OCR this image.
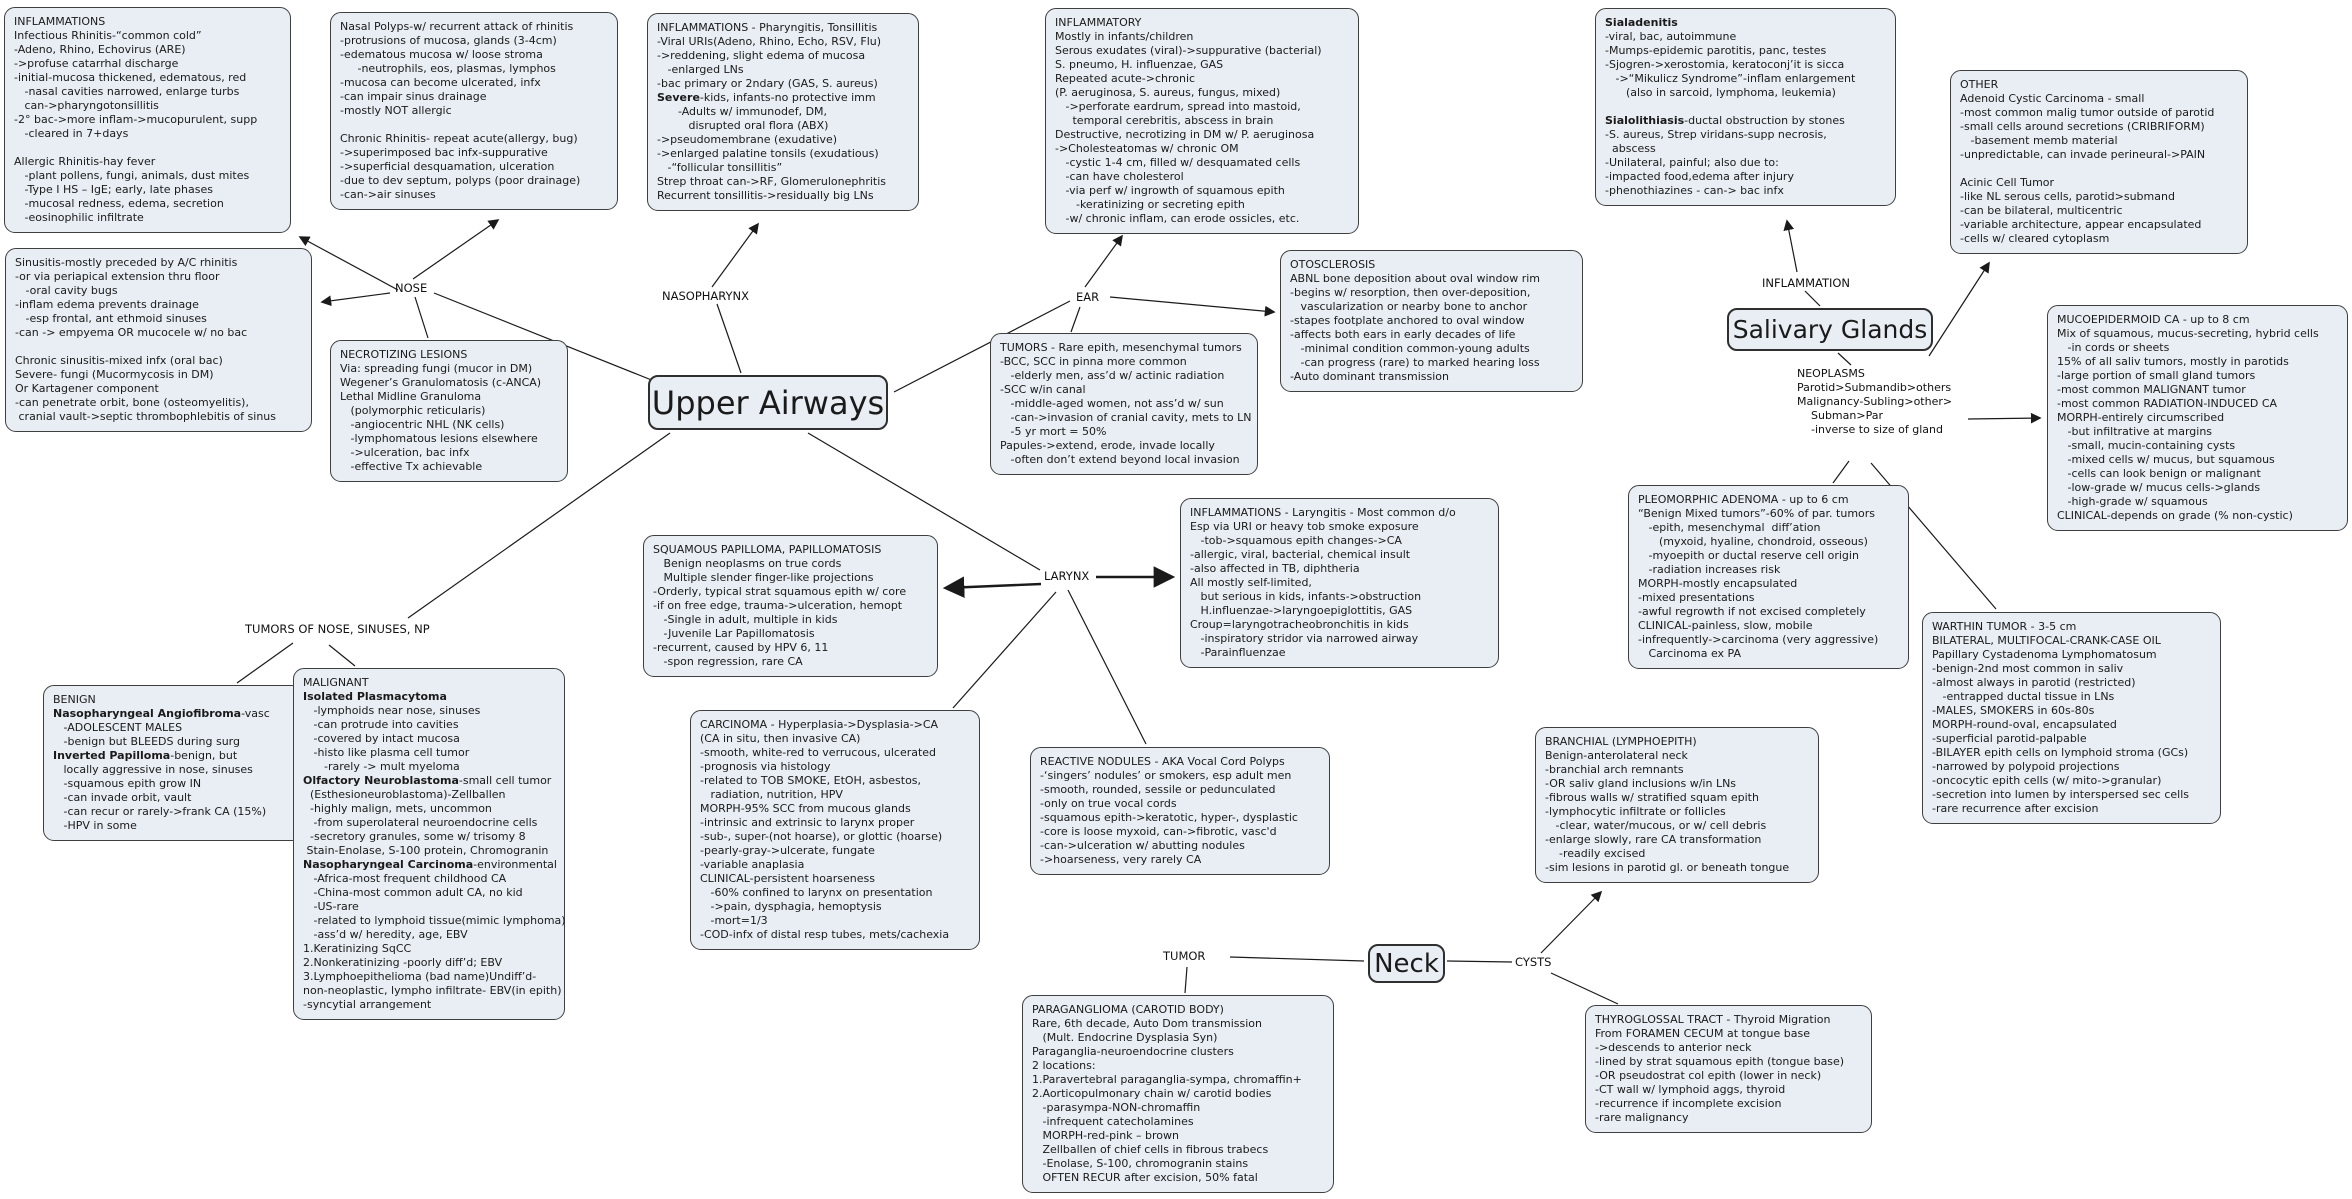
INFLAMMATIONS
Infectious Rhinitis-“common cold”
-Adeno, Rhino, Echovirus (ARE)
->profuse catarrhal discharge
-initial-mucosa thickened, edematous, red
-nasal cavities narrowed, enlarge turbs
can->pharyngotonsillitis
-2° bac->more inflam->mucopurulent, supp
-cleared in 7+days

Allergic Rhinitis-hay fever
-plant pollens, fungi, animals, dust mites
-Type I HS – IgE; early, late phases
-mucosal redness, edema, secretion
-eosinophilic infiltrate
Sinusitis-mostly preceded by A/C rhinitis
-or via periapical extension thru floor
-oral cavity bugs
-inflam edema prevents drainage
-esp frontal, ant ethmoid sinuses
-can -> empyema OR mucocele w/ no bac

Chronic sinusitis-mixed infx (oral bac)
Severe- fungi (Mucormycosis in DM)
Or Kartagener component
-can penetrate orbit, bone (osteomyelitis),
cranial vault->septic thrombophlebitis of sinus
Nasal Polyps-w/ recurrent attack of rhinitis
-protrusions of mucosa, glands (3-4cm)
-edematous mucosa w/ loose stroma
-neutrophils, eos, plasmas, lymphos
-mucosa can become ulcerated, infx
-can impair sinus drainage
-mostly NOT allergic

Chronic Rhinitis- repeat acute(allergy, bug)
->superimposed bac infx-suppurative
->superficial desquamation, ulceration
-due to dev septum, polyps (poor drainage)
-can->air sinuses
NECROTIZING LESIONS
Via: spreading fungi (mucor in DM)
Wegener’s Granulomatosis (c-ANCA)
Lethal Midline Granuloma
(polymorphic reticularis)
-angiocentric NHL (NK cells)
-lymphomatous lesions elsewhere
->ulceration, bac infx
-effective Tx achievable
INFLAMMATIONS - Pharyngitis, Tonsillitis
-Viral URIs(Adeno, Rhino, Echo, RSV, Flu)
->reddening, slight edema of mucosa
-enlarged LNs
-bac primary or 2ndary (GAS, S. aureus)
Severe-kids, infants-no protective imm
-Adults w/ immunodef, DM,
disrupted oral flora (ABX)
->pseudomembrane (exudative)
->enlarged palatine tonsils (exudatious)
-“follicular tonsillitis”
Strep throat can->RF, Glomerulonephritis
Recurrent tonsillitis->residually big LNs
INFLAMMATORY
Mostly in infants/children
Serous exudates (viral)->suppurative (bacterial)
S. pneumo, H. influenzae, GAS
Repeated acute->chronic
(P. aeruginosa, S. aureus, fungus, mixed)
->perforate eardrum, spread into mastoid,
temporal cerebritis, abscess in brain
Destructive, necrotizing in DM w/ P. aeruginosa
->Cholesteatomas w/ chronic OM
-cystic 1-4 cm, filled w/ desquamated cells
-can have cholesterol
-via perf w/ ingrowth of squamous epith
-keratinizing or secreting epith
-w/ chronic inflam, can erode ossicles, etc.
OTOSCLEROSIS
ABNL bone deposition about oval window rim
-begins w/ resorption, then over-deposition,
vascularization or nearby bone to anchor
-stapes footplate anchored to oval window
-affects both ears in early decades of life
-minimal condition common-young adults
-can progress (rare) to marked hearing loss
-Auto dominant transmission
TUMORS - Rare epith, mesenchymal tumors
-BCC, SCC in pinna more common
-elderly men, ass’d w/ actinic radiation
-SCC w/in canal
-middle-aged women, not ass’d w/ sun
-can->invasion of cranial cavity, mets to LN
-5 yr mort = 50%
Papules->extend, erode, invade locally
-often don’t extend beyond local invasion
Sialadenitis
-viral, bac, autoimmune
-Mumps-epidemic parotitis, panc, testes
-Sjogren->xerostomia, keratoconj’it is sicca
->“Mikulicz Syndrome”-inflam enlargement
(also in sarcoid, lymphoma, leukemia)

Sialolithiasis-ductal obstruction by stones
-S. aureus, Strep viridans-supp necrosis,
abscess
-Unilateral, painful; also due to:
-impacted food,edema after injury
-phenothiazines - can-> bac infx
OTHER
Adenoid Cystic Carcinoma - small
-most common malig tumor outside of parotid
-small cells around secretions (CRIBRIFORM)
-basement memb material
-unpredictable, can invade perineural->PAIN

Acinic Cell Tumor
-like NL serous cells, parotid>submand
-can be bilateral, multicentric
-variable architecture, appear encapsulated
-cells w/ cleared cytoplasm
MUCOEPIDERMOID CA - up to 8 cm
Mix of squamous, mucus-secreting, hybrid cells
-in cords or sheets
15% of all saliv tumors, mostly in parotids
-large portion of small gland tumors
-most common MALIGNANT tumor
-most common RADIATION-INDUCED CA
MORPH-entirely circumscribed
-but infiltrative at margins
-small, mucin-containing cysts
-mixed cells w/ mucus, but squamous
-cells can look benign or malignant
-low-grade w/ mucus cells->glands
-high-grade w/ squamous
CLINICAL-depends on grade (% non-cystic)
PLEOMORPHIC ADENOMA - up to 6 cm
“Benign Mixed tumors”-60% of par. tumors
-epith, mesenchymal  diff’ation
(myxoid, hyaline, chondroid, osseous)
-myoepith or ductal reserve cell origin
-radiation increases risk
MORPH-mostly encapsulated
-mixed presentations
-awful regrowth if not excised completely
CLINICAL-painless, slow, mobile
-infrequently->carcinoma (very aggressive)
Carcinoma ex PA
WARTHIN TUMOR - 3-5 cm
BILATERAL, MULTIFOCAL-CRANK-CASE OIL
Papillary Cystadenoma Lymphomatosum
-benign-2nd most common in saliv
-almost always in parotid (restricted)
-entrapped ductal tissue in LNs
-MALES, SMOKERS in 60s-80s
MORPH-round-oval, encapsulated
-superficial parotid-palpable
-BILAYER epith cells on lymphoid stroma (GCs)
-narrowed by polypoid projections
-oncocytic epith cells (w/ mito->granular)
-secretion into lumen by interspersed sec cells
-rare recurrence after excision
SQUAMOUS PAPILLOMA, PAPILLOMATOSIS
Benign neoplasms on true cords
Multiple slender finger-like projections
-Orderly, typical strat squamous epith w/ core
-if on free edge, trauma->ulceration, hemopt
-Single in adult, multiple in kids
-Juvenile Lar Papillomatosis
-recurrent, caused by HPV 6, 11
-spon regression, rare CA
INFLAMMATIONS - Laryngitis - Most common d/o
Esp via URI or heavy tob smoke exposure
-tob->squamous epith changes->CA
-allergic, viral, bacterial, chemical insult
-also affected in TB, diphtheria
All mostly self-limited,
but serious in kids, infants->obstruction
H.influenzae->laryngoepiglottitis, GAS
Croup=laryngotracheobronchitis in kids
-inspiratory stridor via narrowed airway
-Parainfluenzae
CARCINOMA - Hyperplasia->Dysplasia->CA
(CA in situ, then invasive CA)
-smooth, white-red to verrucous, ulcerated
-prognosis via histology
-related to TOB SMOKE, EtOH, asbestos,
radiation, nutrition, HPV
MORPH-95% SCC from mucous glands
-intrinsic and extrinsic to larynx proper
-sub-, super-(not hoarse), or glottic (hoarse)
-pearly-gray->ulcerate, fungate
-variable anaplasia
CLINICAL-persistent hoarseness
-60% confined to larynx on presentation
->pain, dysphagia, hemoptysis
-mort=1/3
-COD-infx of distal resp tubes, mets/cachexia
REACTIVE NODULES - AKA Vocal Cord Polyps
-‘singers’ nodules’ or smokers, esp adult men
-smooth, rounded, sessile or pedunculated
-only on true vocal cords
-squamous epith->keratotic, hyper-, dysplastic
-core is loose myxoid, can->fibrotic, vasc'd
-can->ulceration w/ abutting nodules
->hoarseness, very rarely CA
BENIGN
Nasopharyngeal Angiofibroma-vasc
-ADOLESCENT MALES
-benign but BLEEDS during surg
Inverted Papilloma-benign, but
locally aggressive in nose, sinuses
-squamous epith grow IN
-can invade orbit, vault
-can recur or rarely->frank CA (15%)
-HPV in some
MALIGNANT
Isolated Plasmacytoma
-lymphoids near nose, sinuses
-can protrude into cavities
-covered by intact mucosa
-histo like plasma cell tumor
-rarely -> mult myeloma
Olfactory Neuroblastoma-small cell tumor
(Esthesioneuroblastoma)-Zellballen
-highly malign, mets, uncommon
-from superolateral neuroendocrine cells
-secretory granules, some w/ trisomy 8
Stain-Enolase, S-100 protein, Chromogranin
Nasopharyngeal Carcinoma-environmental
-Africa-most frequent childhood CA
-China-most common adult CA, no kid
-US-rare
-related to lymphoid tissue(mimic lymphoma)
-ass’d w/ heredity, age, EBV
1.Keratinizing SqCC
2.Nonkeratinizing -poorly diff’d; EBV
3.Lymphoepithelioma (bad name)Undiff’d-
non-neoplastic, lympho infiltrate- EBV(in epith)
-syncytial arrangement
BRANCHIAL (LYMPHOEPITH)
Benign-anterolateral neck
-branchial arch remnants
-OR saliv gland inclusions w/in LNs
-fibrous walls w/ stratified squam epith
-lymphocytic infiltrate or follicles
-clear, water/mucous, or w/ cell debris
-enlarge slowly, rare CA transformation
-readily excised
-sim lesions in parotid gl. or beneath tongue
THYROGLOSSAL TRACT - Thyroid Migration
From FORAMEN CECUM at tongue base
->descends to anterior neck
-lined by strat squamous epith (tongue base)
-OR pseudostrat col epith (lower in neck)
-CT wall w/ lymphoid aggs, thyroid
-recurrence if incomplete excision
-rare malignancy
PARAGANGLIOMA (CAROTID BODY)
Rare, 6th decade, Auto Dom transmission
(Mult. Endocrine Dysplasia Syn)
Paraganglia-neuroendocrine clusters
2 locations:
1.Paravertebral paraganglia-sympa, chromaffin+
2.Aorticopulmonary chain w/ carotid bodies
-parasympa-NON-chromaffin
-infrequent catecholamines
MORPH-red-pink – brown
Zellballen of chief cells in fibrous trabecs
-Enolase, S-100, chromogranin stains
OFTEN RECUR after excision, 50% fatal
Upper Airways
Salivary Glands
Neck
NOSE
NASOPHARYNX	EAR
LARYNX
TUMORS OF NOSE, SINUSES, NP
INFLAMMATION
TUMOR	CYSTS
NEOPLASMS
Parotid>Submandib>others
Malignancy-Subling>other>
Subman>Par
-inverse to size of gland
